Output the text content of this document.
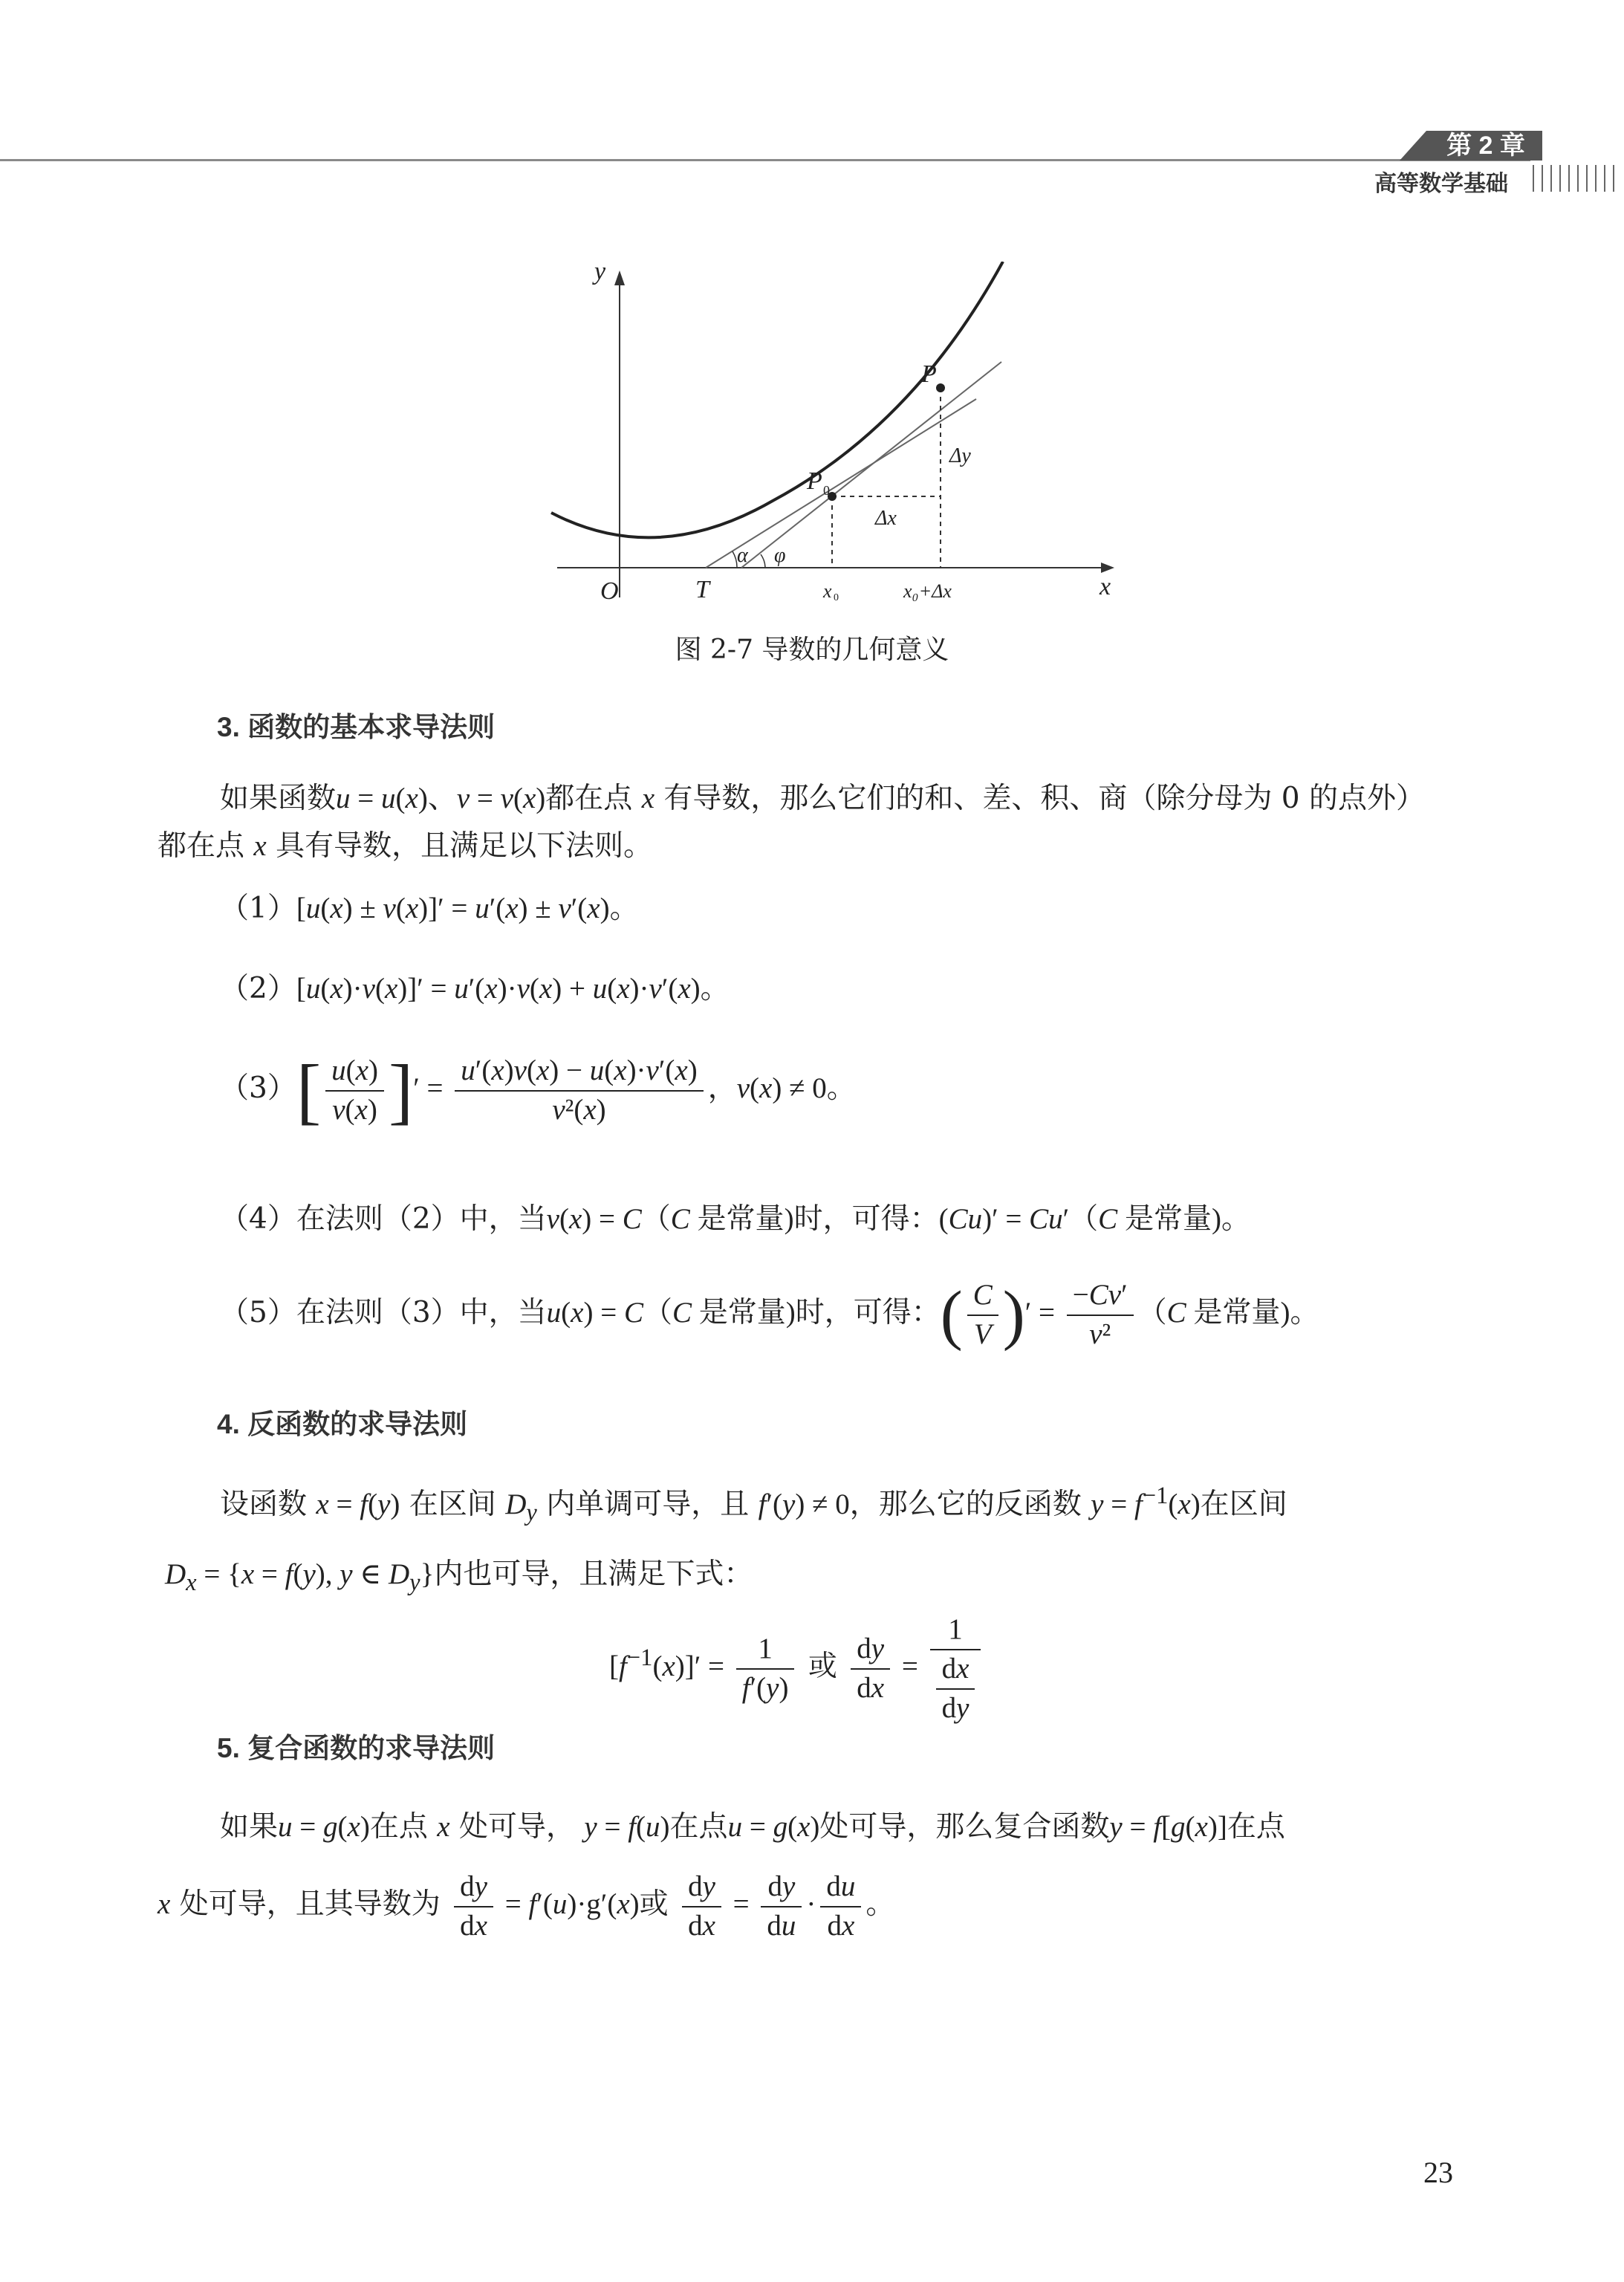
第 2 章
高等数学基础
y
x
O	T
P 0
P
α φ
Δx
Δy
x 0	x₀+Δx
图 2-7 导数的几何意义
3. 函数的基本求导法则
如果函数u = u(x)、v = v(x)都在点 x 有导数，那么它们的和、差、积、商（除分母为 0 的点外）
都在点 x 具有导数，且满足以下法则。
（1）[u(x) ± v(x)]′ = u′(x) ± v′(x)。
（2）[u(x)·v(x)]′ = u′(x)·v(x) + u(x)·v′(x)。
$(3)[ \frac{u(x)}{v(x)}$ ]′ = $\frac{u'(x)v(x) - u(x)\cdot v'(x)}{\text{v²(x)}}$ ，v(x) ≠ 0。
（4）在法则（2）中，当v(x) = C（C 是常量)时，可得：(Cu)′ = Cu′（C 是常量)。
（5）在法则（3）中，当u(x) = C（C 是常量)时，可得：( $\frac{C}{V}$ )′ = $\frac{-Cv'}{\text{v²}} (C$ 是常量)。
4. 反函数的求导法则
设函数 x = f(y) 在区间 $D_y$ 内单调可导，且 f′(y) ≠ 0，那么它的反函数 $y = f^{-1}(x)$在区间
$D_x = \{x = f(y)$, y ∈ $D_y$}内也可导，且满足下式：
$[f^{-1}(x)]' = \frac{1}{f'(y)}$ 或 $\frac{dy}{dx} = \frac{1}{\frac{dx}{dy}}$
5. 复合函数的求导法则
如果u = g(x)在点 x 处可导， y = f(u)在点u = g(x)处可导，那么复合函数y = f[g(x)]在点
x 处可导，且其导数为 $\frac{dy}{dx} = f'(u)\cdot g'(x)$或 $\frac{dy}{dx} = \frac{dy}{du} \cdot \frac{du}{dx}$ 。
23
